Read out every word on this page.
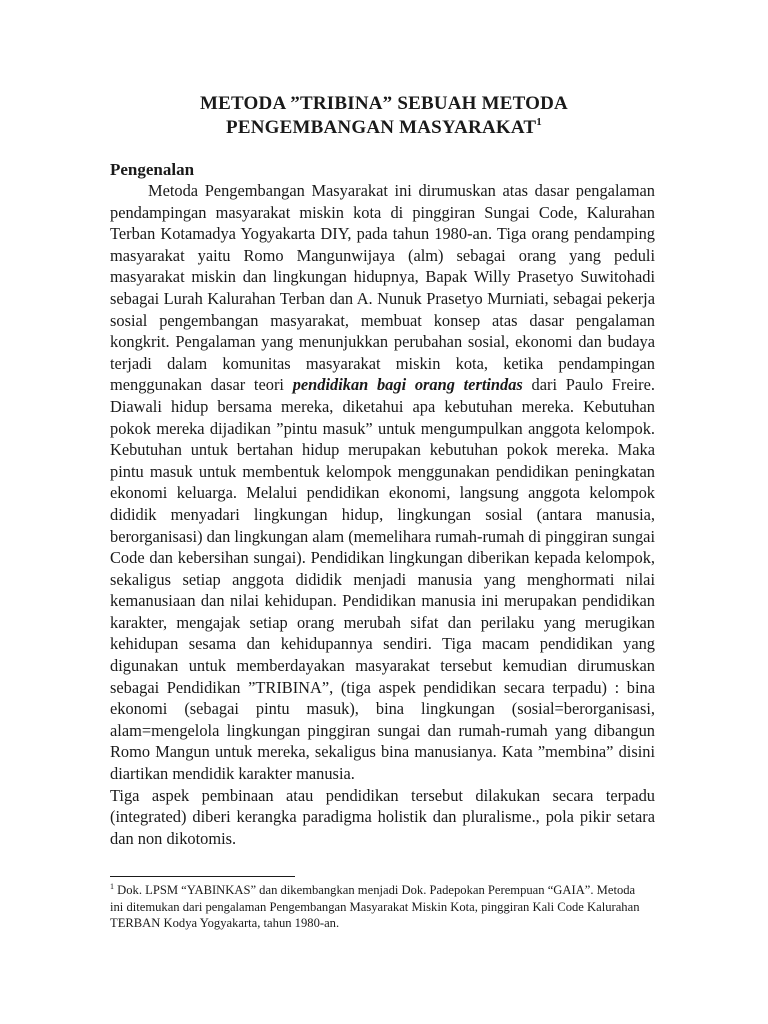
METODA ”TRIBINA” SEBUAH METODA
PENGEMBANGAN MASYARAKAT$^1$
Pengenalan

Metoda Pengembangan Masyarakat ini dirumuskan atas dasar pengalaman pendampingan masyarakat miskin kota di pinggiran Sungai Code, Kalurahan Terban Kotamadya Yogyakarta DIY, pada tahun 1980-an. Tiga orang pendamping masyarakat yaitu Romo Mangunwijaya (alm) sebagai orang yang peduli masyarakat miskin dan lingkungan hidupnya, Bapak Willy Prasetyo Suwitohadi sebagai Lurah Kalurahan Terban dan A. Nunuk Prasetyo Murniati, sebagai pekerja sosial pengembangan masyarakat, membuat konsep atas dasar pengalaman kongkrit. Pengalaman yang menunjukkan perubahan sosial, ekonomi dan budaya terjadi dalam komunitas masyarakat miskin kota, ketika pendampingan menggunakan dasar teori pendidikan bagi orang tertindas dari Paulo Freire. Diawali hidup bersama mereka, diketahui apa kebutuhan mereka. Kebutuhan pokok mereka dijadikan ”pintu masuk” untuk mengumpulkan anggota kelompok. Kebutuhan untuk bertahan hidup merupakan kebutuhan pokok mereka. Maka pintu masuk untuk membentuk kelompok menggunakan pendidikan peningkatan ekonomi keluarga. Melalui pendidikan ekonomi, langsung anggota kelompok dididik menyadari lingkungan hidup, lingkungan sosial (antara manusia, berorganisasi) dan lingkungan alam (memelihara rumah-rumah di pinggiran sungai Code dan kebersihan sungai). Pendidikan lingkungan diberikan kepada kelompok, sekaligus setiap anggota dididik menjadi manusia yang menghormati nilai kemanusiaan dan nilai kehidupan. Pendidikan manusia ini merupakan pendidikan karakter, mengajak setiap orang merubah sifat dan perilaku yang merugikan kehidupan sesama dan kehidupannya sendiri. Tiga macam pendidikan yang digunakan untuk memberdayakan masyarakat tersebut kemudian dirumuskan sebagai Pendidikan ”TRIBINA”, (tiga aspek pendidikan secara terpadu) : bina ekonomi (sebagai pintu masuk), bina lingkungan (sosial=berorganisasi, alam=mengelola lingkungan pinggiran sungai dan rumah-rumah yang dibangun Romo Mangun untuk mereka, sekaligus bina manusianya. Kata ”membina” disini diartikan mendidik karakter manusia.

Tiga aspek pembinaan atau pendidikan tersebut dilakukan secara terpadu (integrated) diberi kerangka paradigma holistik dan pluralisme., pola pikir setara dan non dikotomis.

$^1$ Dok. LPSM “YABINKAS” dan dikembangkan menjadi Dok. Padepokan Perempuan “GAIA”. Metoda ini ditemukan dari pengalaman Pengembangan Masyarakat Miskin Kota, pinggiran Kali Code Kalurahan TERBAN Kodya Yogyakarta, tahun 1980-an.
